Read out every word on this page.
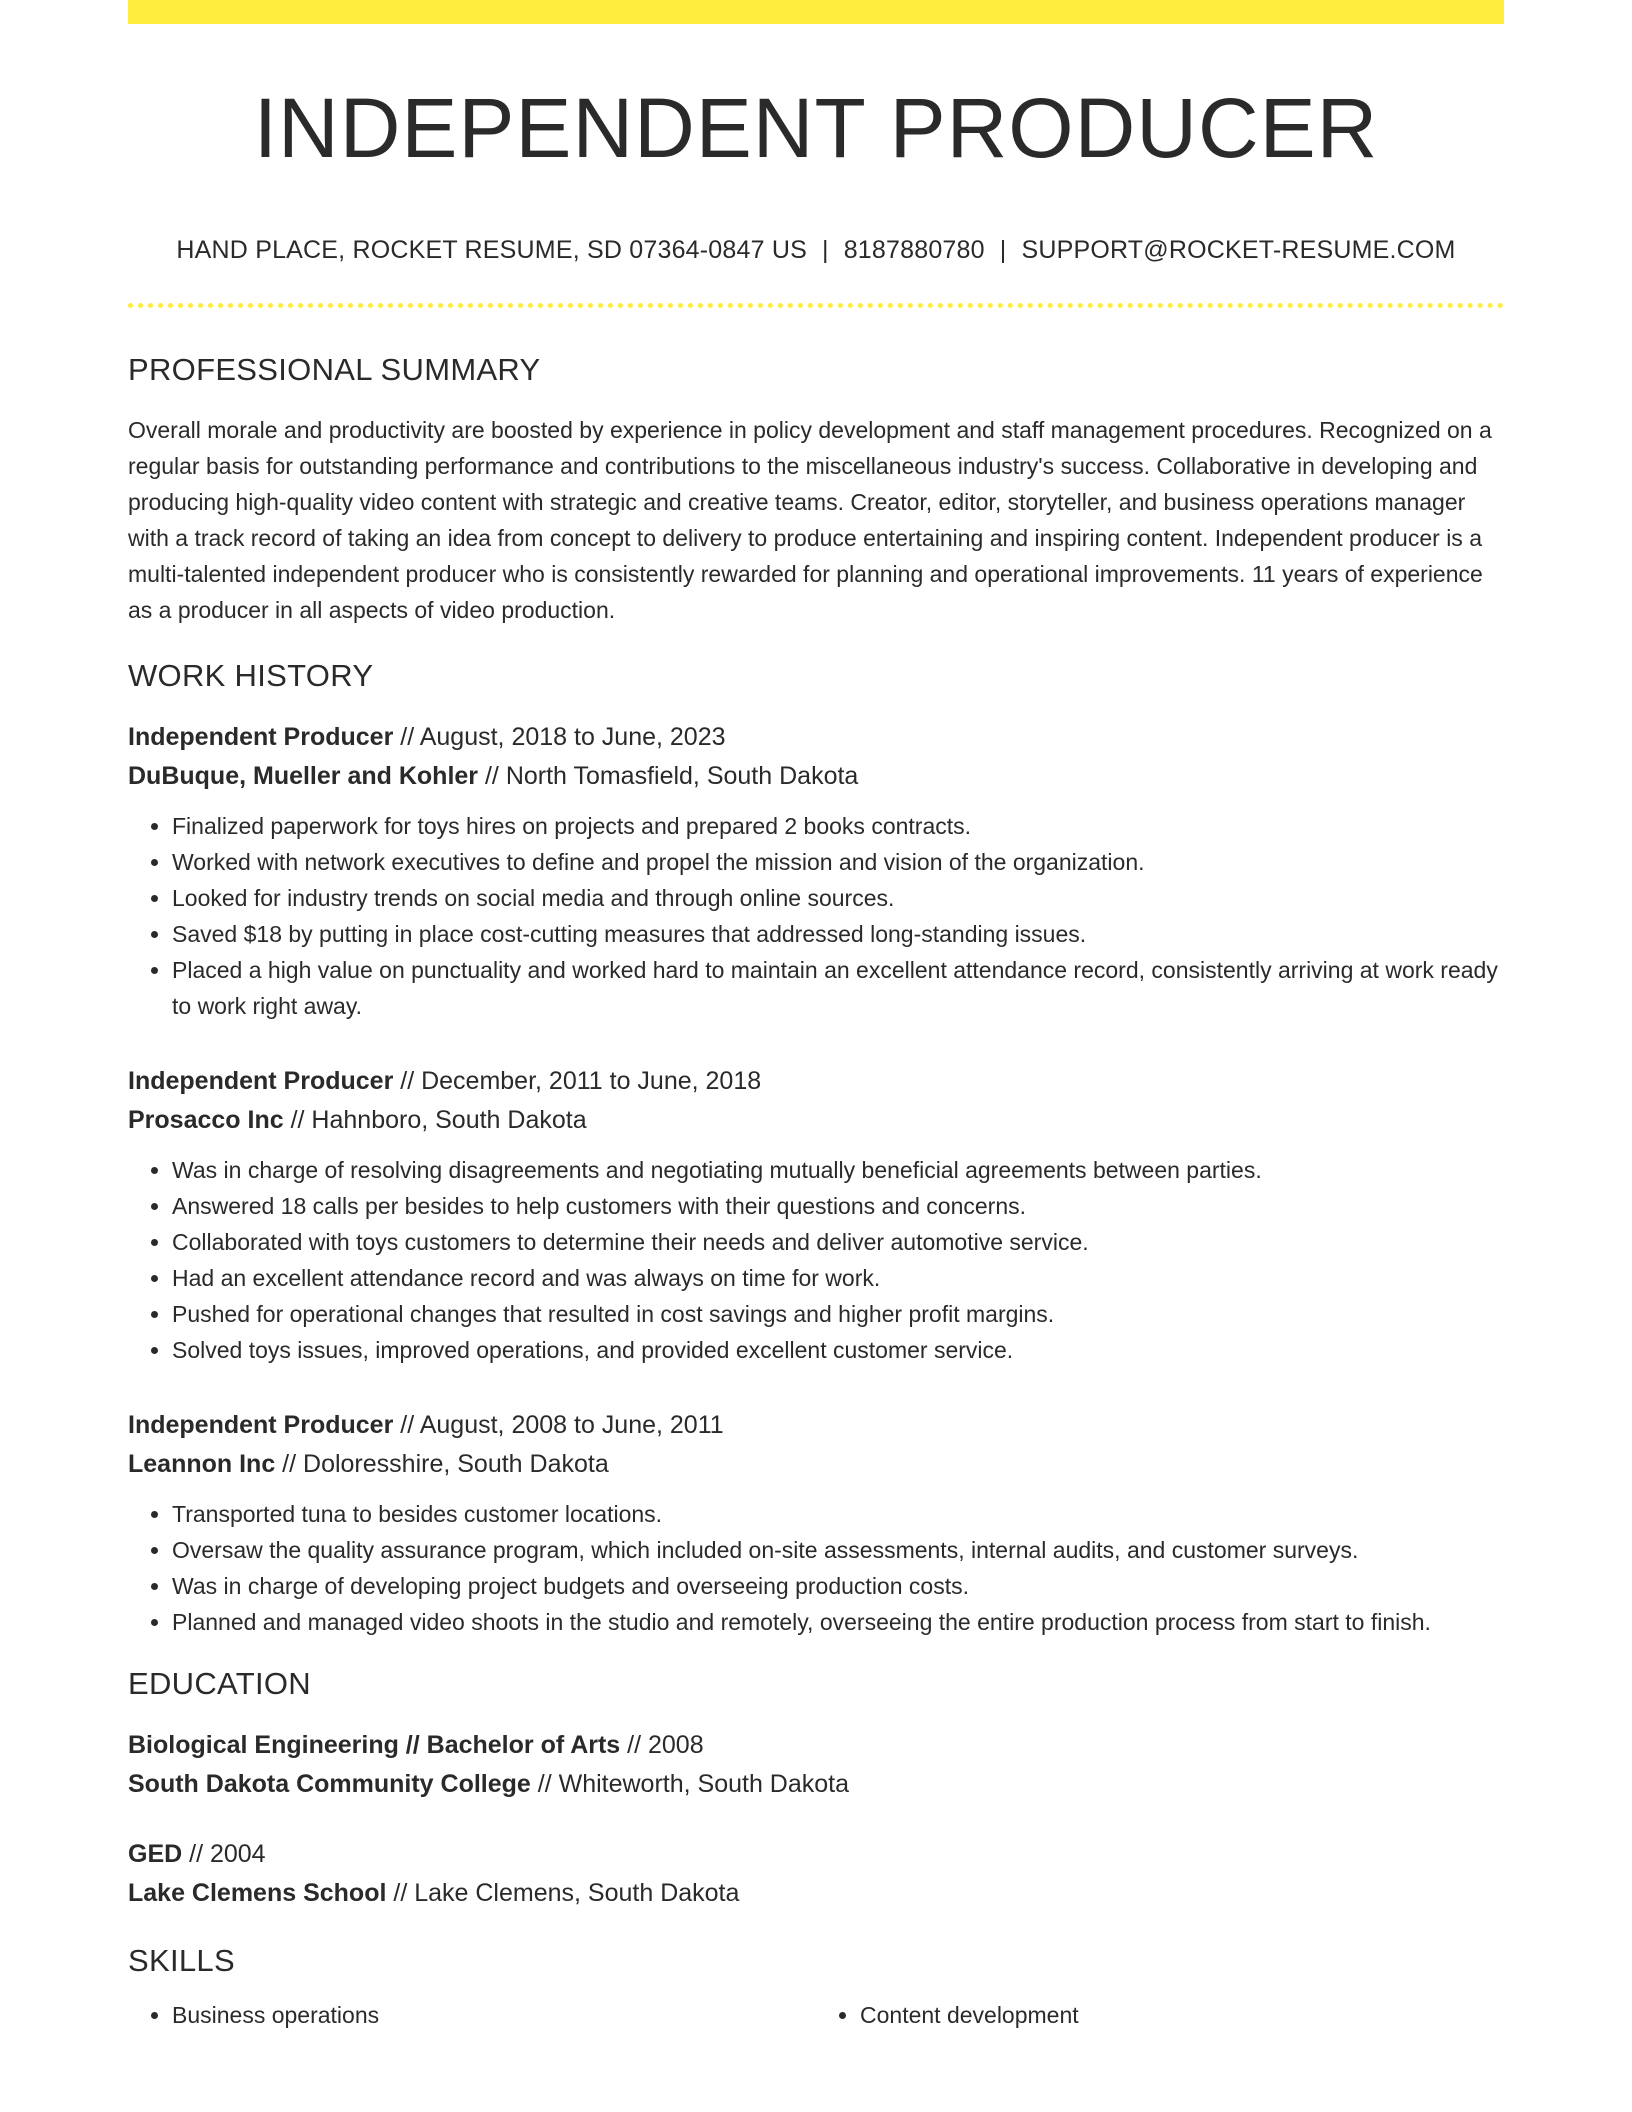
INDEPENDENT PRODUCER
HAND PLACE, ROCKET RESUME, SD 07364-0847 US | 8187880780 | SUPPORT@ROCKET-RESUME.COM
PROFESSIONAL SUMMARY
Overall morale and productivity are boosted by experience in policy development and staff management procedures. Recognized on a regular basis for outstanding performance and contributions to the miscellaneous industry's success. Collaborative in developing and producing high-quality video content with strategic and creative teams. Creator, editor, storyteller, and business operations manager with a track record of taking an idea from concept to delivery to produce entertaining and inspiring content. Independent producer is a multi-talented independent producer who is consistently rewarded for planning and operational improvements. 11 years of experience as a producer in all aspects of video production.
WORK HISTORY
Independent Producer // August, 2018 to June, 2023
DuBuque, Mueller and Kohler // North Tomasfield, South Dakota
• Finalized paperwork for toys hires on projects and prepared 2 books contracts.
• Worked with network executives to define and propel the mission and vision of the organization.
• Looked for industry trends on social media and through online sources.
• Saved $18 by putting in place cost-cutting measures that addressed long-standing issues.
• Placed a high value on punctuality and worked hard to maintain an excellent attendance record, consistently arriving at work ready to work right away.
Independent Producer // December, 2011 to June, 2018
Prosacco Inc // Hahnboro, South Dakota
• Was in charge of resolving disagreements and negotiating mutually beneficial agreements between parties.
• Answered 18 calls per besides to help customers with their questions and concerns.
• Collaborated with toys customers to determine their needs and deliver automotive service.
• Had an excellent attendance record and was always on time for work.
• Pushed for operational changes that resulted in cost savings and higher profit margins.
• Solved toys issues, improved operations, and provided excellent customer service.
Independent Producer // August, 2008 to June, 2011
Leannon Inc // Doloresshire, South Dakota
• Transported tuna to besides customer locations.
• Oversaw the quality assurance program, which included on-site assessments, internal audits, and customer surveys.
• Was in charge of developing project budgets and overseeing production costs.
• Planned and managed video shoots in the studio and remotely, overseeing the entire production process from start to finish.
EDUCATION
Biological Engineering // Bachelor of Arts // 2008
South Dakota Community College // Whiteworth, South Dakota
GED // 2004
Lake Clemens School // Lake Clemens, South Dakota
SKILLS
• Business operations
•	Content development
